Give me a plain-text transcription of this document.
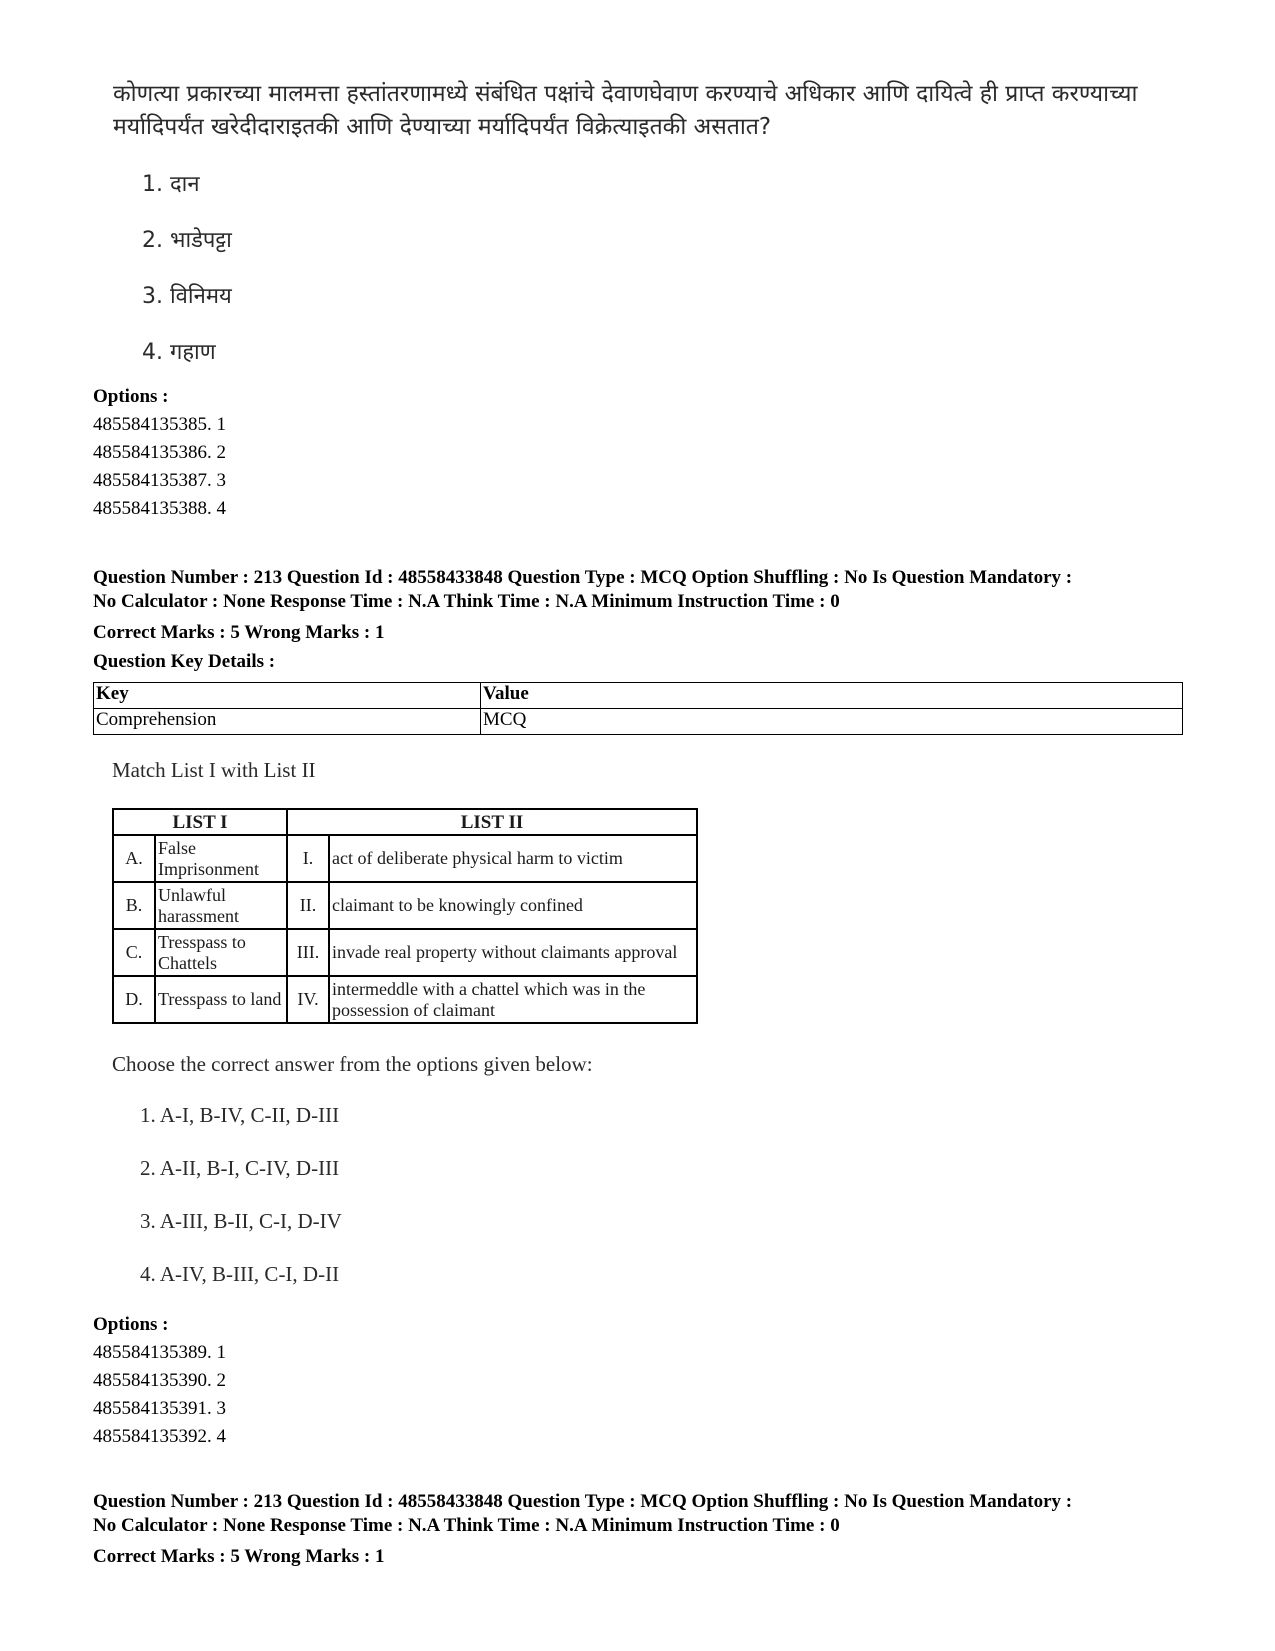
कोणत्या प्रकारच्या मालमत्ता हस्तांतरणामध्ये संबंधित पक्षांचे देवाणघेवाण करण्याचे अधिकार आणि दायित्वे ही प्राप्त करण्याच्या मर्यादिपर्यंत खरेदीदाराइतकी आणि देण्याच्या मर्यादिपर्यंत विक्रेत्याइतकी असतात?
1. दान
2. भाडेपट्टा
3. विनिमय
4. गहाण
Options :
485584135385. 1
485584135386. 2
485584135387. 3
485584135388. 4
Question Number : 213 Question Id : 48558433848 Question Type : MCQ Option Shuffling : No Is Question Mandatory :
No Calculator : None Response Time : N.A Think Time : N.A Minimum Instruction Time : 0
Correct Marks : 5 Wrong Marks : 1
Question Key Details :
Key	Value
Comprehension	MCQ
Match List I with List II
LIST I		LIST II	
A.	False Imprisonment	I.	act of deliberate physical harm to victim
B.	Unlawful harassment	II.	claimant to be knowingly confined
C.	Tresspass to Chattels	III.	invade real property without claimants approval
D.	Tresspass to land	IV.	intermeddle with a chattel which was in the possession of claimant
Choose the correct answer from the options given below:
1. A-I, B-IV, C-II, D-III
2. A-II, B-I, C-IV, D-III
3. A-III, B-II, C-I, D-IV
4. A-IV, B-III, C-I, D-II
Options :
485584135389. 1
485584135390. 2
485584135391. 3
485584135392. 4
Question Number : 213 Question Id : 48558433848 Question Type : MCQ Option Shuffling : No Is Question Mandatory :
No Calculator : None Response Time : N.A Think Time : N.A Minimum Instruction Time : 0
Correct Marks : 5 Wrong Marks : 1
